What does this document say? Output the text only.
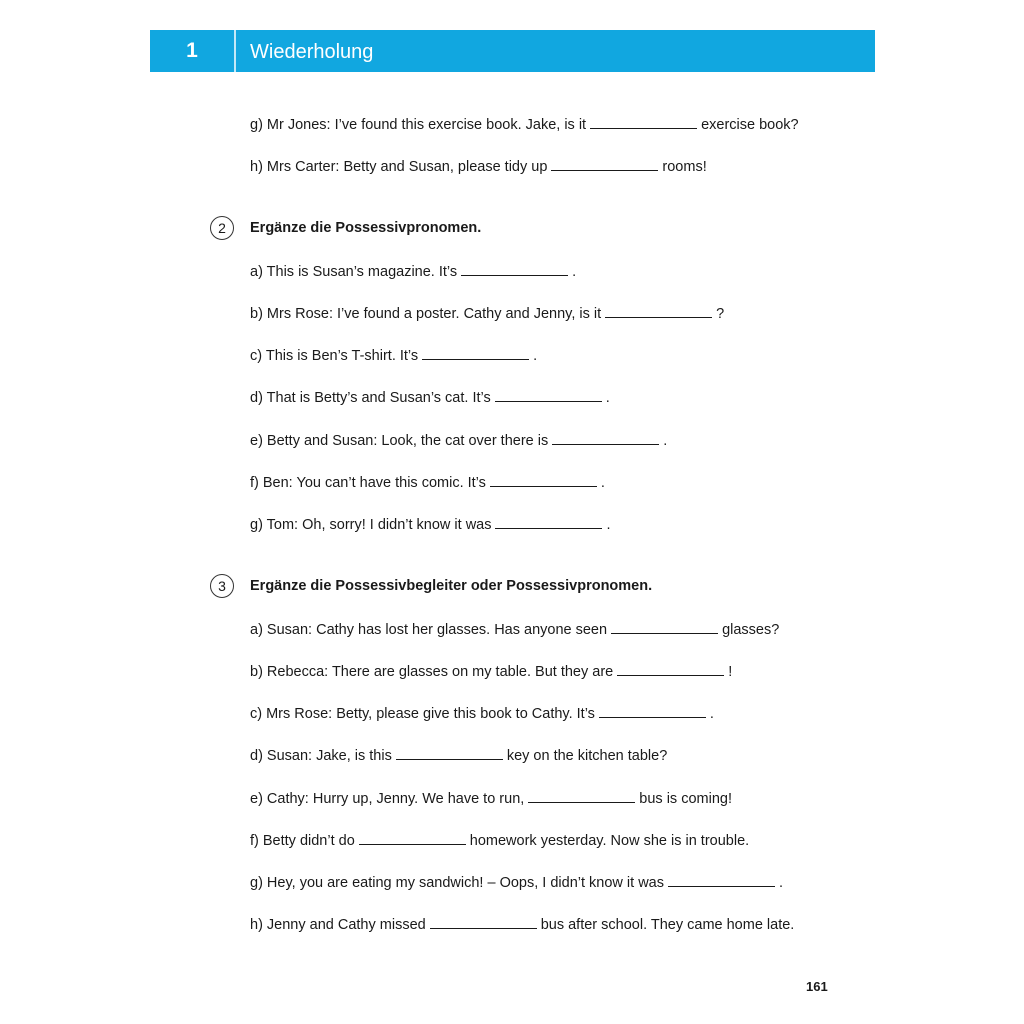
1	Wiederholung
g) Mr Jones: I’ve found this exercise book. Jake, is it	exercise book?
h) Mrs Carter: Betty and Susan, please tidy up	rooms!
2	Ergänze die Possessivpronomen.
a) This is Susan’s magazine. It’s	.
b) Mrs Rose: I’ve found a poster. Cathy and Jenny, is it	?
c) This is Ben’s T-shirt. It’s	.
d) That is Betty’s and Susan’s cat. It’s	.
e) Betty and Susan: Look, the cat over there is	.
f) Ben: You can’t have this comic. It’s	.
g) Tom: Oh, sorry! I didn’t know it was	.
3	Ergänze die Possessivbegleiter oder Possessivpronomen.
a) Susan: Cathy has lost her glasses. Has anyone seen	glasses?
b) Rebecca: There are glasses on my table. But they are	!
c) Mrs Rose: Betty, please give this book to Cathy. It’s	.
d) Susan: Jake, is this	key on the kitchen table?
e) Cathy: Hurry up, Jenny. We have to run,	bus is coming!
f) Betty didn’t do	homework yesterday. Now she is in trouble.
g) Hey, you are eating my sandwich! – Oops, I didn’t know it was	.
h) Jenny and Cathy missed	bus after school. They came home late.
161
